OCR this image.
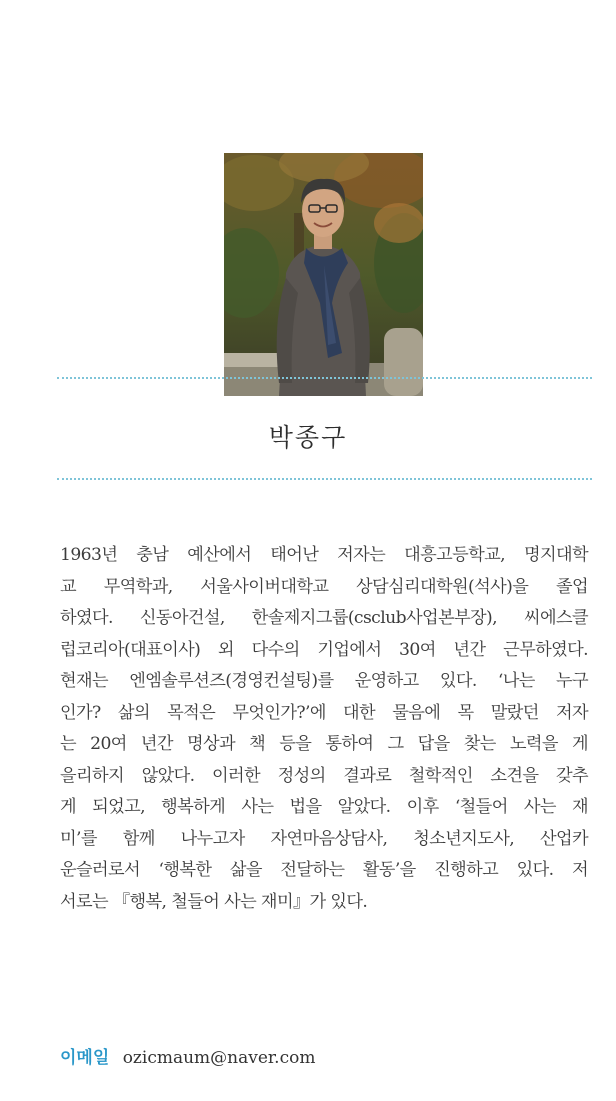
박종구
1963년 충남 예산에서 태어난 저자는 대흥고등학교, 명지대학
교 무역학과, 서울사이버대학교 상담심리대학원(석사)을 졸업
하였다. 신동아건설, 한솔제지그룹(csclub사업본부장), 씨에스클
럽코리아(대표이사) 외 다수의 기업에서 30여 년간 근무하였다.
현재는 엔엠솔루션즈(경영컨설팅)를 운영하고 있다. ‘나는 누구
인가? 삶의 목적은 무엇인가?’에 대한 물음에 목 말랐던 저자
는 20여 년간 명상과 책 등을 통하여 그 답을 찾는 노력을 게
을리하지 않았다. 이러한 정성의 결과로 철학적인 소견을 갖추
게 되었고, 행복하게 사는 법을 알았다. 이후 ‘철들어 사는 재
미’를 함께 나누고자 자연마음상담사, 청소년지도사, 산업카
운슬러로서 ‘행복한 삶을 전달하는 활동’을 진행하고 있다. 저
서로는 『행복, 철들어 사는 재미』가 있다.
이메일 ozicmaum@naver.com
